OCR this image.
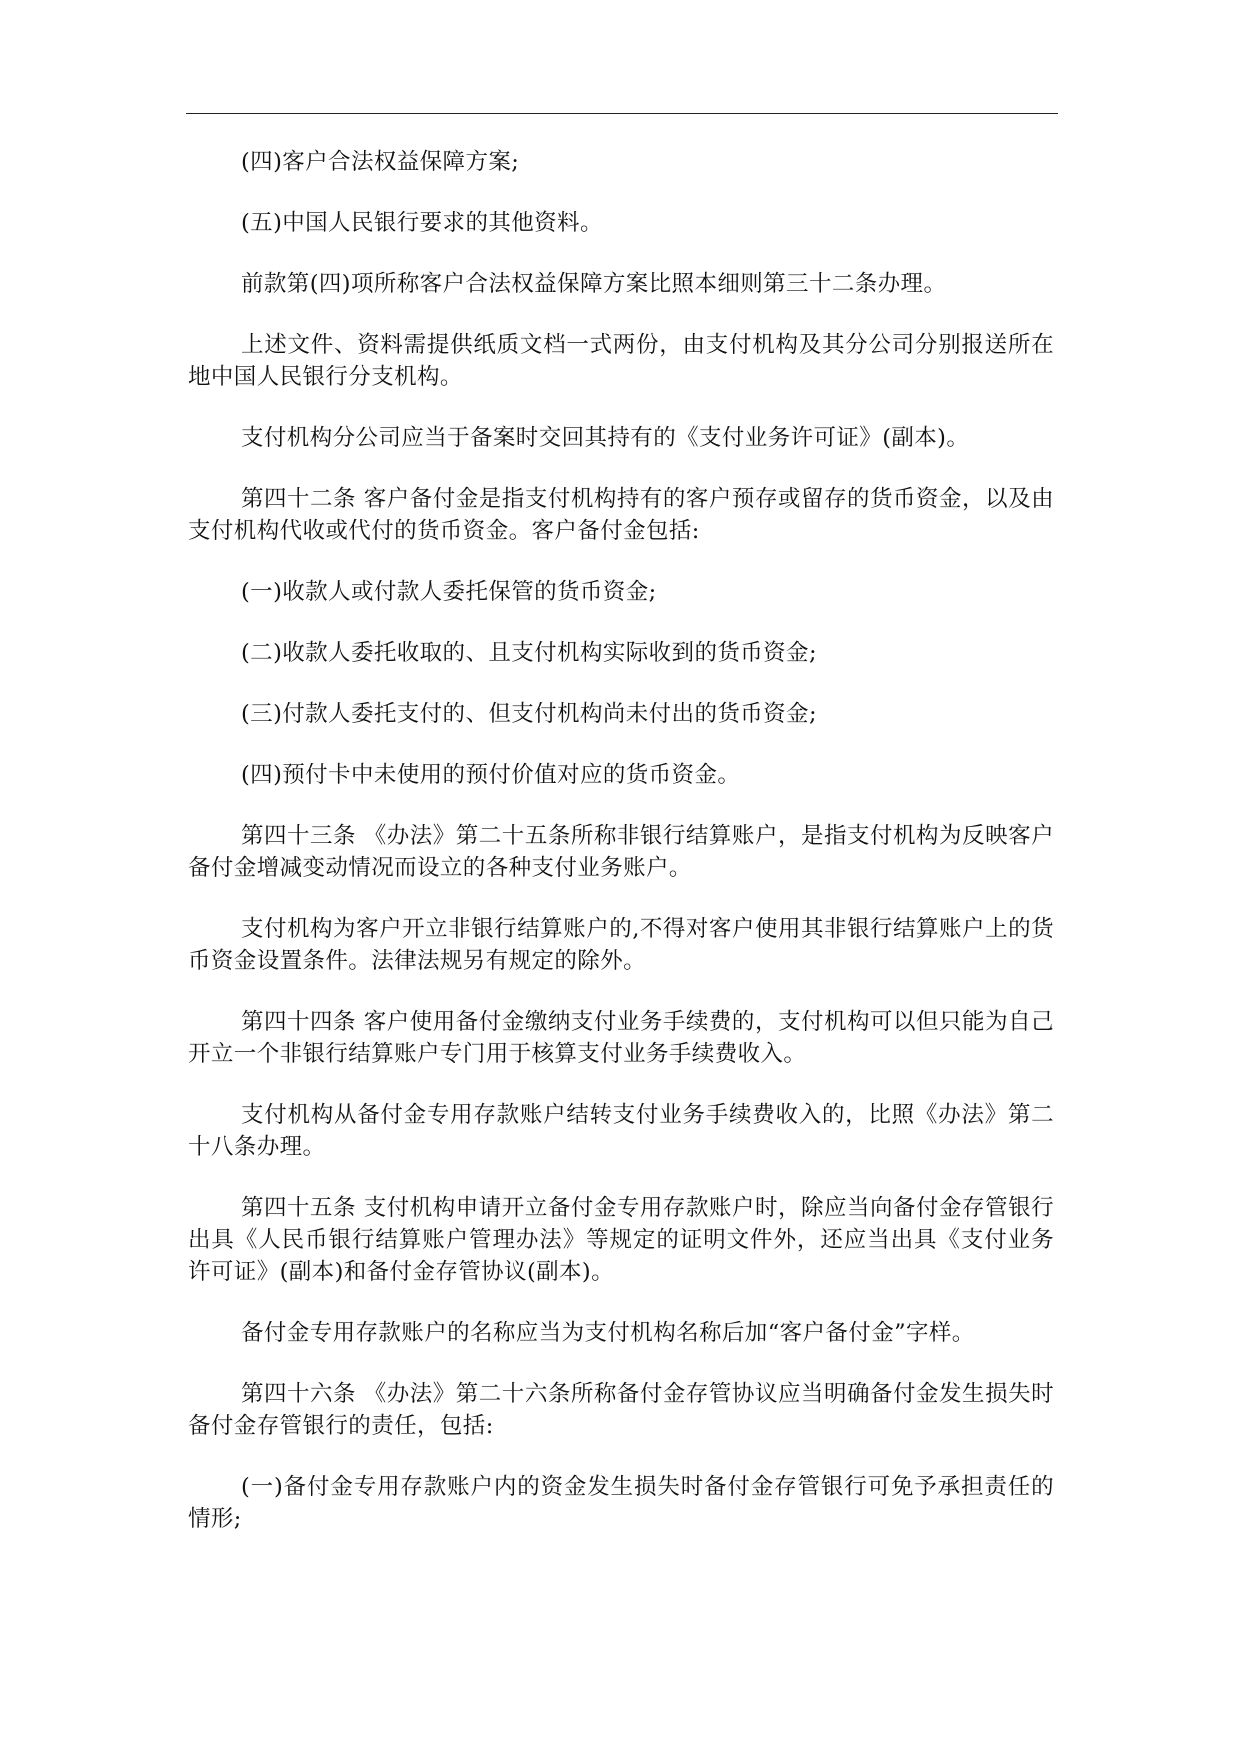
(四)客户合法权益保障方案;

(五)中国人民银行要求的其他资料。

前款第(四)项所称客户合法权益保障方案比照本细则第三十二条办理。

上述文件、资料需提供纸质文档一式两份，由支付机构及其分公司分别报送所在地中国人民银行分支机构。

支付机构分公司应当于备案时交回其持有的《支付业务许可证》(副本)。

第四十二条 客户备付金是指支付机构持有的客户预存或留存的货币资金，以及由支付机构代收或代付的货币资金。客户备付金包括:

(一)收款人或付款人委托保管的货币资金;

(二)收款人委托收取的、且支付机构实际收到的货币资金;

(三)付款人委托支付的、但支付机构尚未付出的货币资金;

(四)预付卡中未使用的预付价值对应的货币资金。

第四十三条 《办法》第二十五条所称非银行结算账户，是指支付机构为反映客户备付金增减变动情况而设立的各种支付业务账户。

支付机构为客户开立非银行结算账户的,不得对客户使用其非银行结算账户上的货币资金设置条件。法律法规另有规定的除外。

第四十四条 客户使用备付金缴纳支付业务手续费的，支付机构可以但只能为自己开立一个非银行结算账户专门用于核算支付业务手续费收入。

支付机构从备付金专用存款账户结转支付业务手续费收入的，比照《办法》第二十八条办理。

第四十五条 支付机构申请开立备付金专用存款账户时，除应当向备付金存管银行出具《人民币银行结算账户管理办法》等规定的证明文件外，还应当出具《支付业务许可证》(副本)和备付金存管协议(副本)。

备付金专用存款账户的名称应当为支付机构名称后加“客户备付金”字样。

第四十六条 《办法》第二十六条所称备付金存管协议应当明确备付金发生损失时备付金存管银行的责任，包括:

(一)备付金专用存款账户内的资金发生损失时备付金存管银行可免予承担责任的情形;
